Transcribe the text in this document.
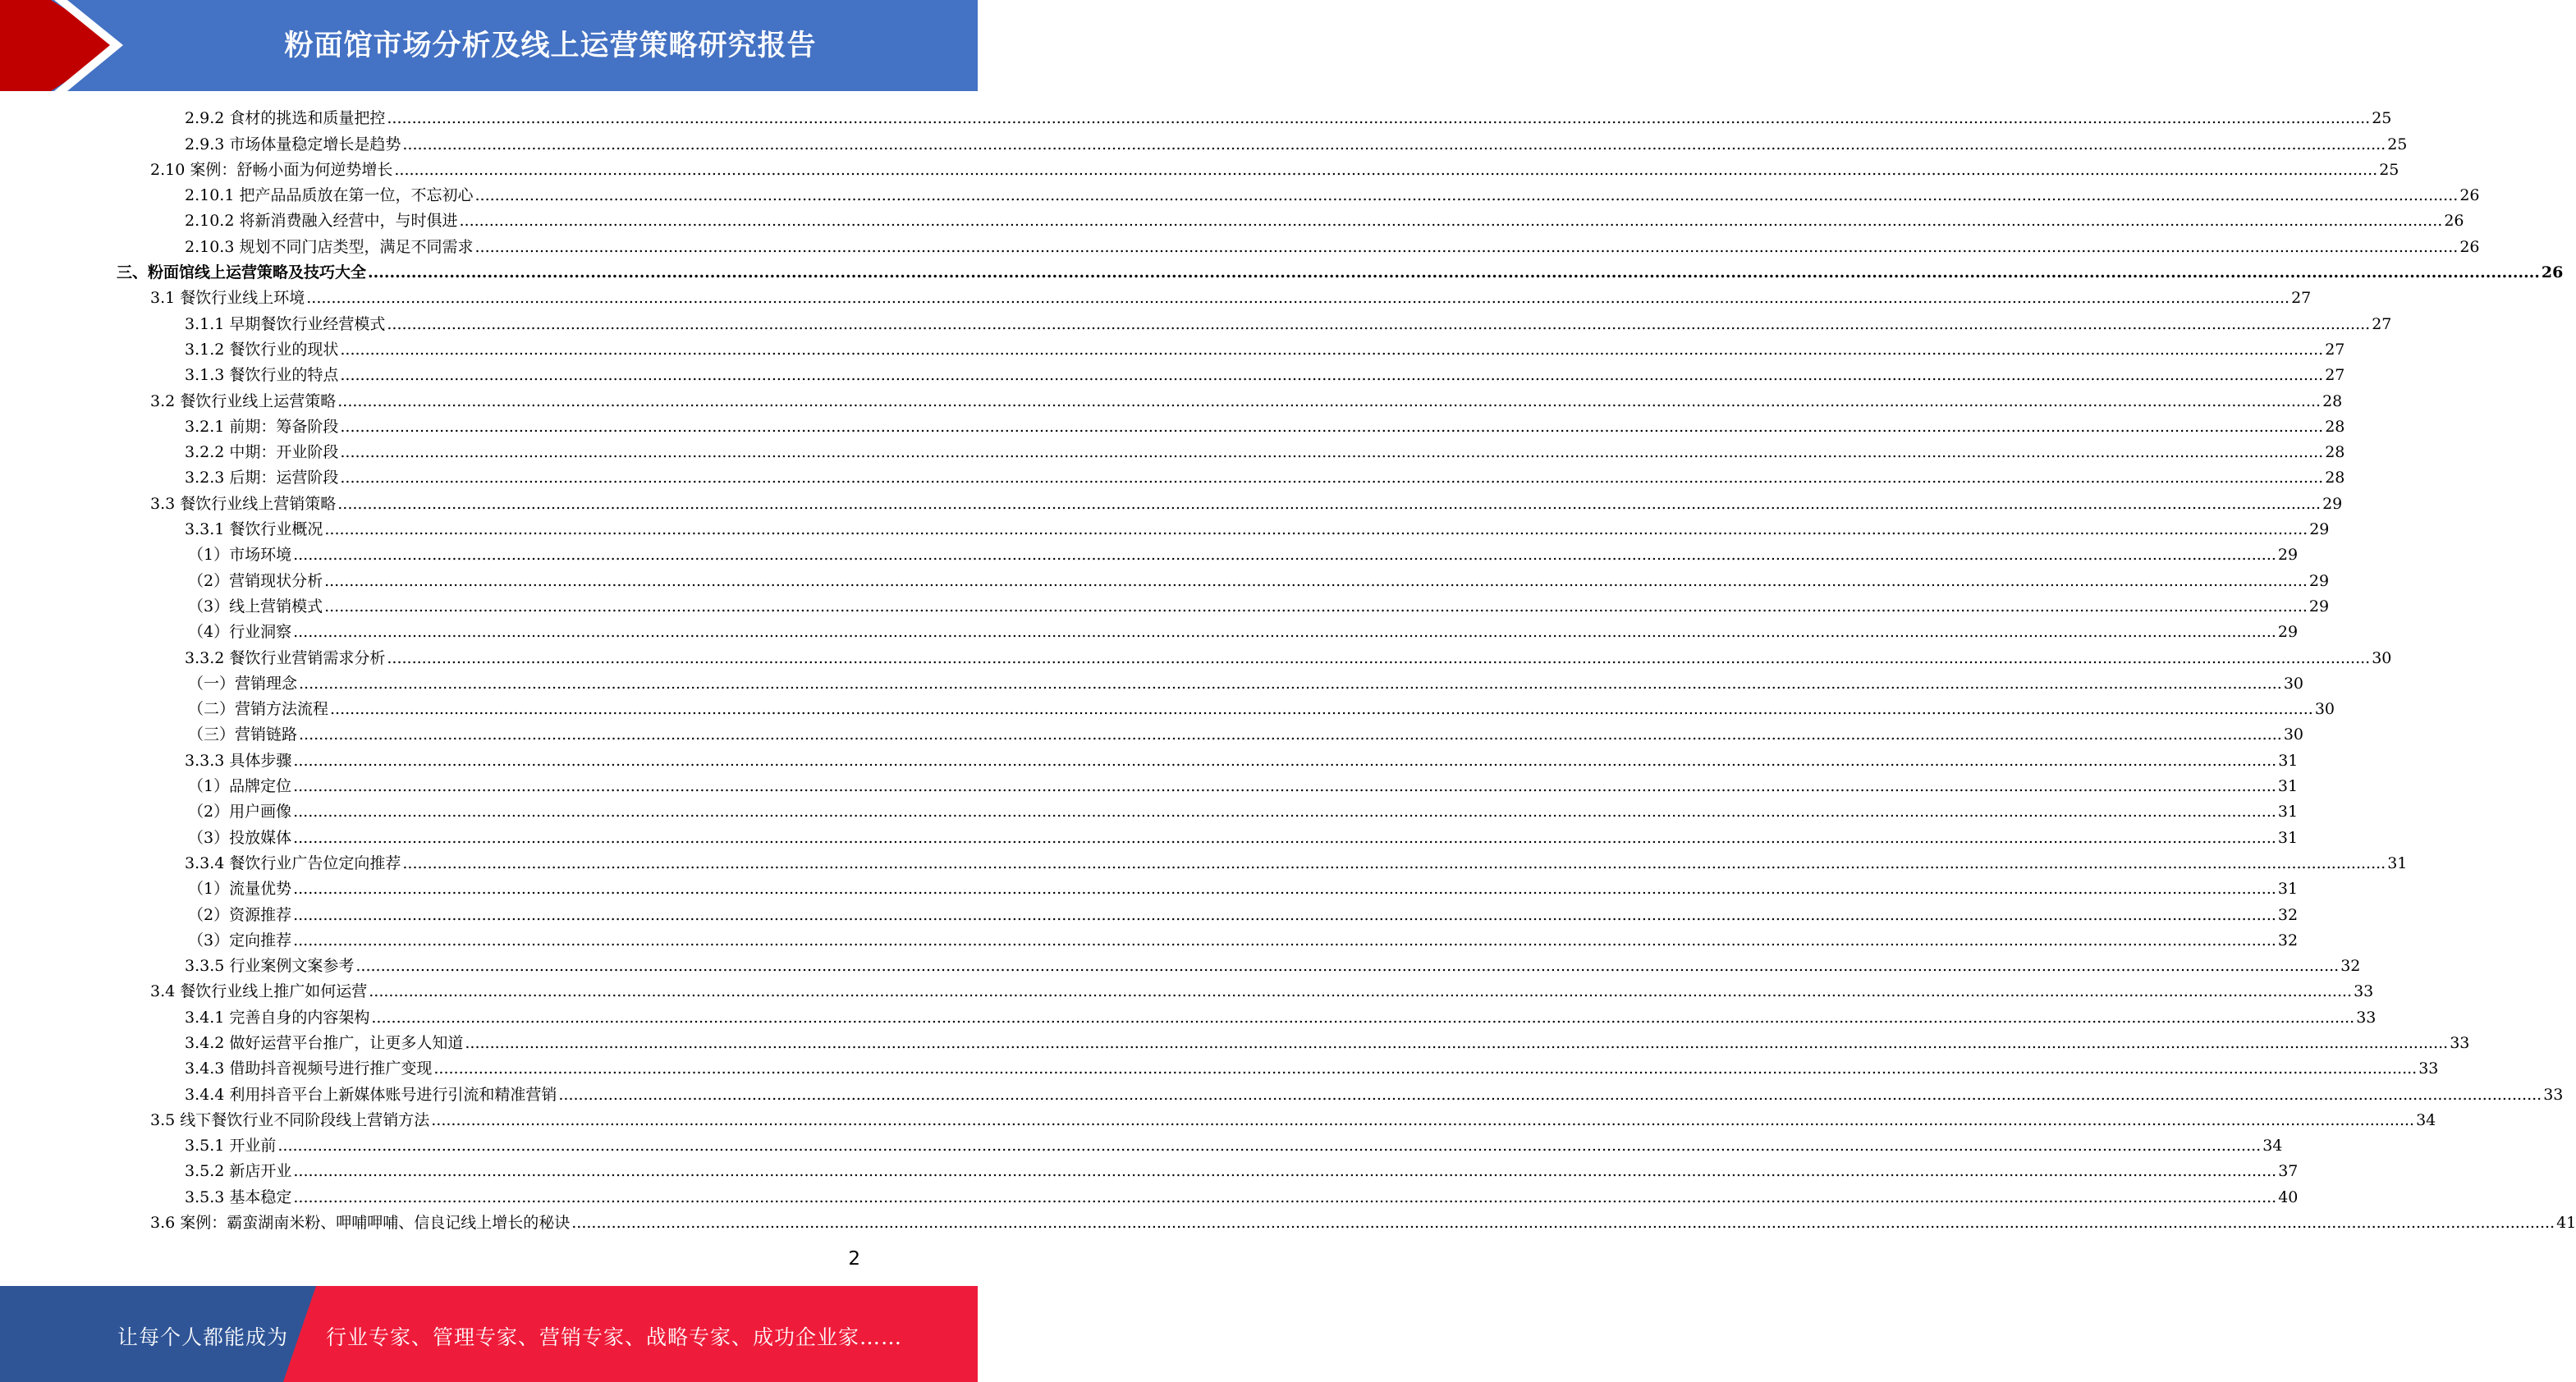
粉面馆市场分析及线上运营策略研究报告
2.9.2 食材的挑选和质量把控 ................................................................................................................................................................................................................................................................................................................................................................................................................ 25
2.9.3 市场体量稳定增长是趋势 ................................................................................................................................................................................................................................................................................................................................................................................................................ 25
2.10 案例：舒畅小面为何逆势增长 ................................................................................................................................................................................................................................................................................................................................................................................................................ 25
2.10.1 把产品品质放在第一位，不忘初心 ................................................................................................................................................................................................................................................................................................................................................................................................................ 26
2.10.2 将新消费融入经营中，与时俱进 ................................................................................................................................................................................................................................................................................................................................................................................................................ 26
2.10.3 规划不同门店类型，满足不同需求 ................................................................................................................................................................................................................................................................................................................................................................................................................ 26
三、粉面馆线上运营策略及技巧大全 ................................................................................................................................................................................................................................................................................................................................................................................................................ 26
3.1 餐饮行业线上环境 ................................................................................................................................................................................................................................................................................................................................................................................................................ 27
3.1.1 早期餐饮行业经营模式 ................................................................................................................................................................................................................................................................................................................................................................................................................ 27
3.1.2 餐饮行业的现状 ................................................................................................................................................................................................................................................................................................................................................................................................................ 27
3.1.3 餐饮行业的特点 ................................................................................................................................................................................................................................................................................................................................................................................................................ 27
3.2 餐饮行业线上运营策略 ................................................................................................................................................................................................................................................................................................................................................................................................................ 28
3.2.1 前期：筹备阶段 ................................................................................................................................................................................................................................................................................................................................................................................................................ 28
3.2.2 中期：开业阶段 ................................................................................................................................................................................................................................................................................................................................................................................................................ 28
3.2.3 后期：运营阶段 ................................................................................................................................................................................................................................................................................................................................................................................................................ 28
3.3 餐饮行业线上营销策略 ................................................................................................................................................................................................................................................................................................................................................................................................................ 29
3.3.1 餐饮行业概况 ................................................................................................................................................................................................................................................................................................................................................................................................................ 29
（1）市场环境 ................................................................................................................................................................................................................................................................................................................................................................................................................ 29
（2）营销现状分析 ................................................................................................................................................................................................................................................................................................................................................................................................................ 29
（3）线上营销模式 ................................................................................................................................................................................................................................................................................................................................................................................................................ 29
（4）行业洞察 ................................................................................................................................................................................................................................................................................................................................................................................................................ 29
3.3.2 餐饮行业营销需求分析 ................................................................................................................................................................................................................................................................................................................................................................................................................ 30
（一）营销理念 ................................................................................................................................................................................................................................................................................................................................................................................................................ 30
（二）营销方法流程 ................................................................................................................................................................................................................................................................................................................................................................................................................ 30
（三）营销链路 ................................................................................................................................................................................................................................................................................................................................................................................................................ 30
3.3.3 具体步骤 ................................................................................................................................................................................................................................................................................................................................................................................................................ 31
（1）品牌定位 ................................................................................................................................................................................................................................................................................................................................................................................................................ 31
（2）用户画像 ................................................................................................................................................................................................................................................................................................................................................................................................................ 31
（3）投放媒体 ................................................................................................................................................................................................................................................................................................................................................................................................................ 31
3.3.4 餐饮行业广告位定向推荐 ................................................................................................................................................................................................................................................................................................................................................................................................................ 31
（1）流量优势 ................................................................................................................................................................................................................................................................................................................................................................................................................ 31
（2）资源推荐 ................................................................................................................................................................................................................................................................................................................................................................................................................ 32
（3）定向推荐 ................................................................................................................................................................................................................................................................................................................................................................................................................ 32
3.3.5 行业案例文案参考 ................................................................................................................................................................................................................................................................................................................................................................................................................ 32
3.4 餐饮行业线上推广如何运营 ................................................................................................................................................................................................................................................................................................................................................................................................................ 33
3.4.1 完善自身的内容架构 ................................................................................................................................................................................................................................................................................................................................................................................................................ 33
3.4.2 做好运营平台推广，让更多人知道 ................................................................................................................................................................................................................................................................................................................................................................................................................ 33
3.4.3 借助抖音视频号进行推广变现 ................................................................................................................................................................................................................................................................................................................................................................................................................ 33
3.4.4 利用抖音平台上新媒体账号进行引流和精准营销 ................................................................................................................................................................................................................................................................................................................................................................................................................ 33
3.5 线下餐饮行业不同阶段线上营销方法 ................................................................................................................................................................................................................................................................................................................................................................................................................ 34
3.5.1 开业前 ................................................................................................................................................................................................................................................................................................................................................................................................................ 34
3.5.2 新店开业 ................................................................................................................................................................................................................................................................................................................................................................................................................ 37
3.5.3 基本稳定 ................................................................................................................................................................................................................................................................................................................................................................................................................ 40
3.6 案例：霸蛮湖南米粉、呷哺呷哺、信良记线上增长的秘诀 ................................................................................................................................................................................................................................................................................................................................................................................................................ 41
2
让每个人都能成为 行业专家、管理专家、营销专家、战略专家、成功企业家……
